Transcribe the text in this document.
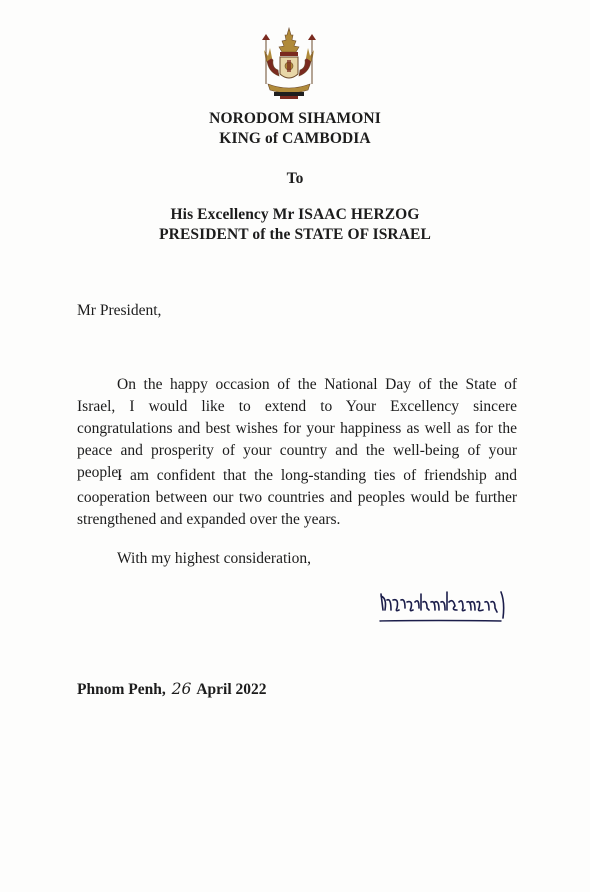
NORODOM SIHAMONI
KING of CAMBODIA
To
His Excellency Mr ISAAC HERZOG
PRESIDENT of the STATE OF ISRAEL
Mr President,
On the happy occasion of the National Day of the State of Israel, I would like to extend to Your Excellency sincere congratulations and best wishes for your happiness as well as for the peace and prosperity of your country and the well-being of your people.
I am confident that the long-standing ties of friendship and cooperation between our two countries and peoples would be further strengthened and expanded over the years.
With my highest consideration,
Phnom Penh, 26 April 2022
